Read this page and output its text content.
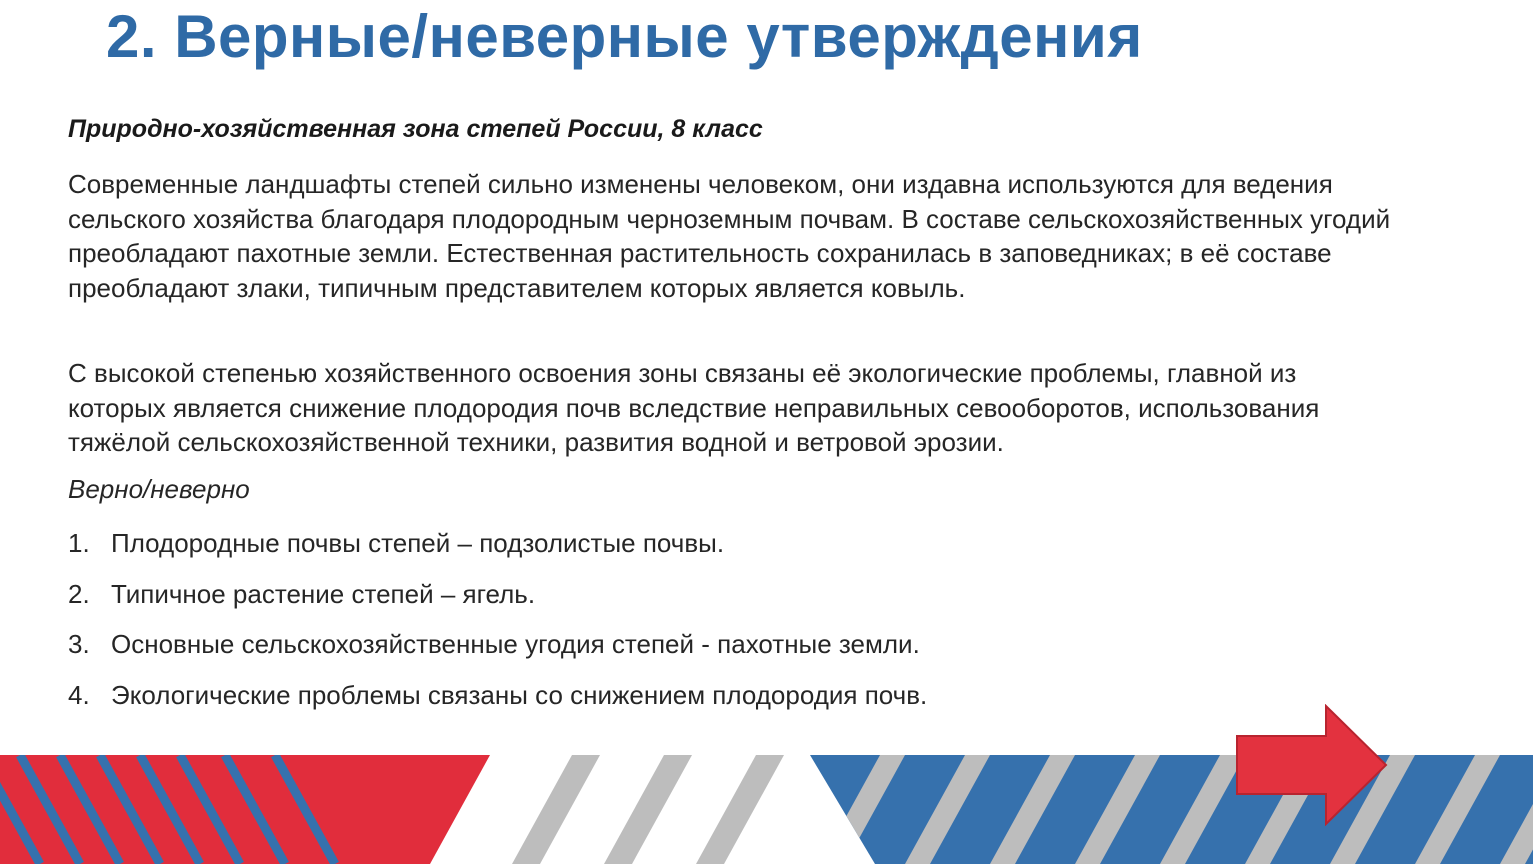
2. Верные/неверные утверждения
Природно-хозяйственная зона степей России, 8 класс

Современные ландшафты степей сильно изменены человеком, они издавна используются для ведения сельского хозяйства благодаря плодородным черноземным почвам. В составе сельскохозяйственных угодий преобладают пахотные земли. Естественная растительность сохранилась в заповедниках; в её составе преобладают злаки, типичным представителем которых является ковыль.

С высокой степенью хозяйственного освоения зоны связаны её экологические проблемы, главной из которых является снижение плодородия почв вследствие неправильных севооборотов, использования тяжёлой сельскохозяйственной техники, развития водной и ветровой эрозии.

Верно/неверно
1. Плодородные почвы степей – подзолистые почвы.
2. Типичное растение степей – ягель.
3. Основные сельскохозяйственные угодия степей - пахотные земли.
4. Экологические проблемы связаны со снижением плодородия почв.
